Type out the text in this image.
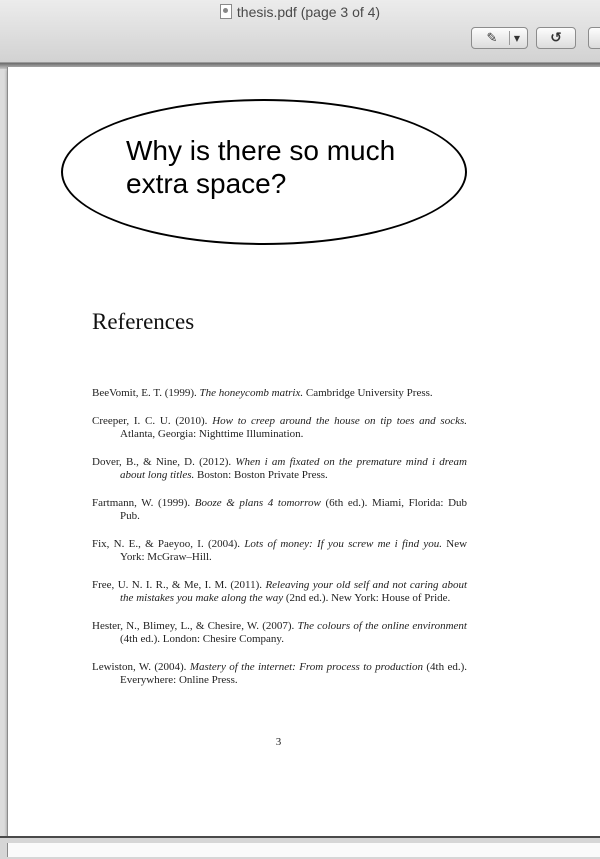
thesis.pdf (page 3 of 4)
✎	▼ ↺
Why is there so much extra space?
References
BeeVomit, E. T. (1999). The honeycomb matrix. Cambridge University Press.
Creeper, I. C. U. (2010). How to creep around the house on tip toes and socks. Atlanta, Georgia: Nighttime Illumination.
Dover, B., & Nine, D. (2012). When i am fixated on the premature mind i dream about long titles. Boston: Boston Private Press.
Fartmann, W. (1999). Booze & plans 4 tomorrow (6th ed.). Miami, Florida: Dub Pub.
Fix, N. E., & Paeyoo, I. (2004). Lots of money: If you screw me i find you. New York: McGraw–Hill.
Free, U. N. I. R., & Me, I. M. (2011). Releaving your old self and not caring about the mistakes you make along the way (2nd ed.). New York: House of Pride.
Hester, N., Blimey, L., & Chesire, W. (2007). The colours of the online environment (4th ed.). London: Chesire Company.
Lewiston, W. (2004). Mastery of the internet: From process to production (4th ed.). Everywhere: Online Press.
3
